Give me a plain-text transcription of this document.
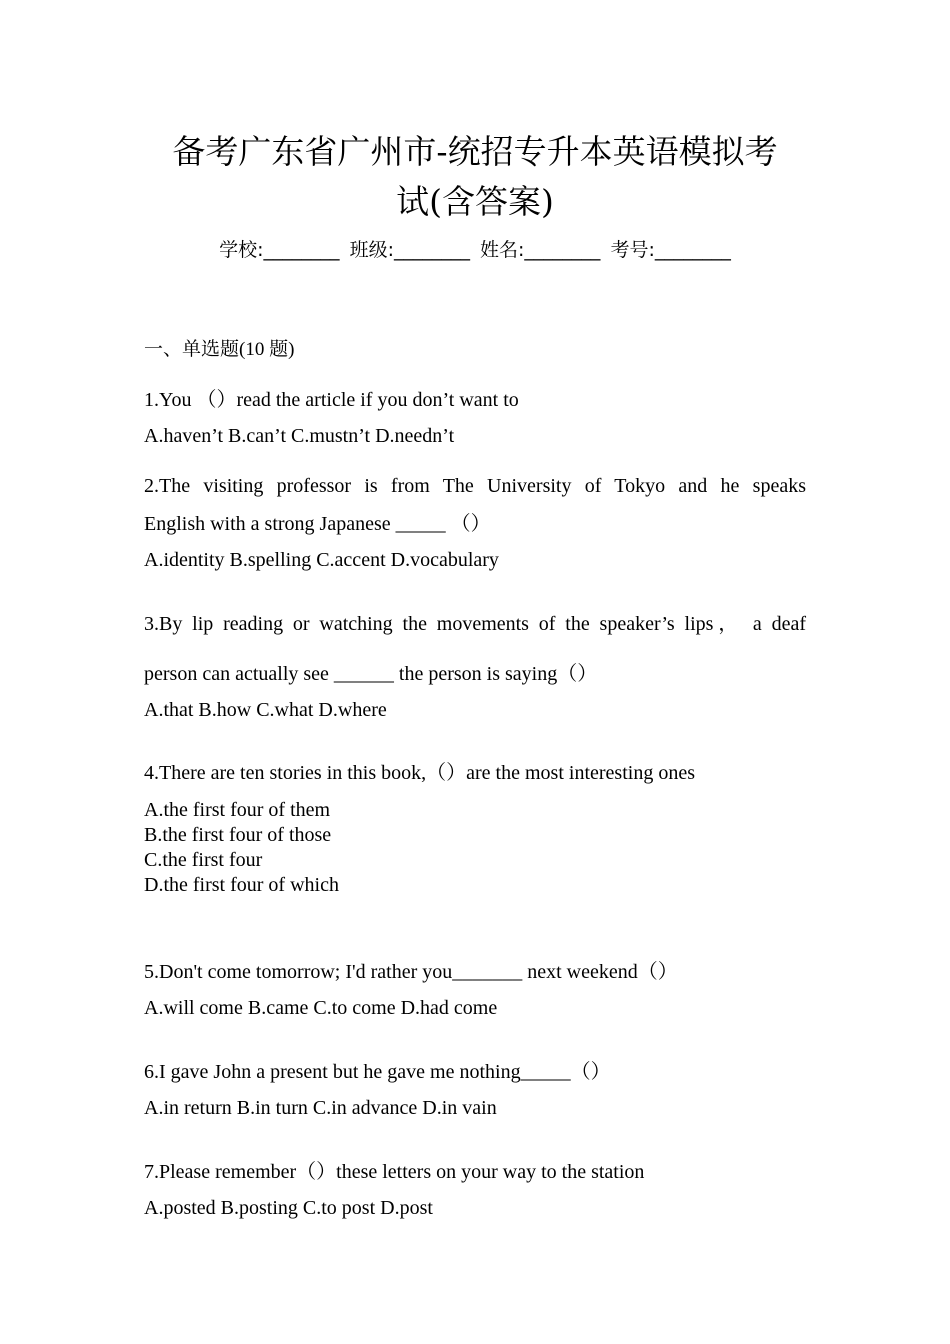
备考广东省广州市-统招专升本英语模拟考
试(含答案)
学校:________ 班级:________ 姓名:________ 考号:________
一、单选题(10 题)
1.You （）read the article if you don’t want to
A.haven’t B.can’t C.mustn’t D.needn’t
2.The visiting professor is from The University of Tokyo and he speaks
English with a strong Japanese _____ （）
A.identity B.spelling C.accent D.vocabulary
3.By lip reading or watching the movements of the speaker’s lips， a deaf
person can actually see ______ the person is saying（）
A.that B.how C.what D.where
4.There are ten stories in this book,（）are the most interesting ones
A.the first four of them
B.the first four of those
C.the first four
D.the first four of which
5.Don't come tomorrow; I'd rather you_______ next weekend（）
A.will come B.came C.to come D.had come
6.I gave John a present but he gave me nothing_____（）
A.in return B.in turn C.in advance D.in vain
7.Please remember（）these letters on your way to the station
A.posted B.posting C.to post D.post
